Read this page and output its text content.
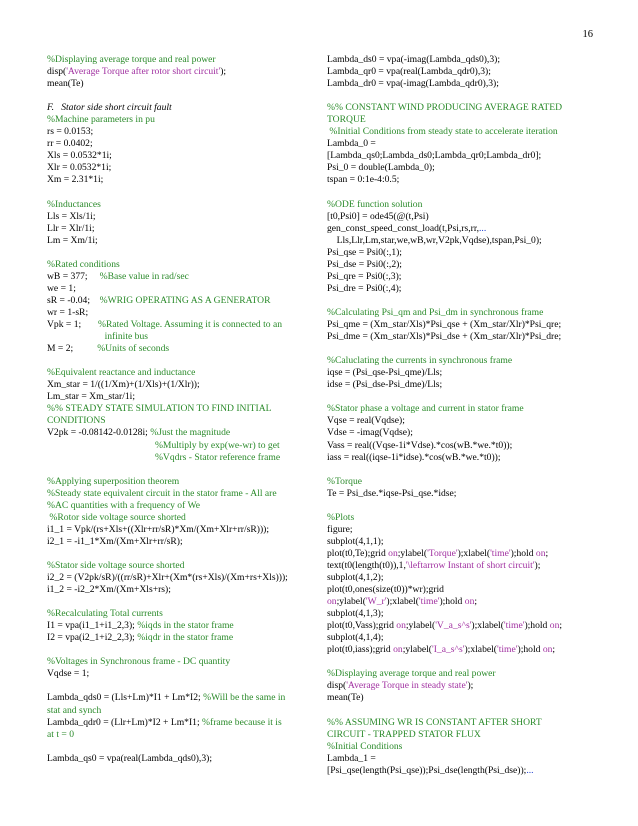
16
%Displaying average torque and real power
disp('Average Torque after rotor short circuit');
mean(Te)
F.   Stator side short circuit fault
%Machine parameters in pu
rs = 0.0153;
rr = 0.0402;
Xls = 0.0532*1i;
Xlr = 0.0532*1i;
Xm = 2.31*1i;
%Inductances
Lls = Xls/1i;
Llr = Xlr/1i;
Lm = Xm/1i;
%Rated conditions
wB = 377;     %Base value in rad/sec
we = 1;
sR = -0.04;    %WRIG OPERATING AS A GENERATOR
wr = 1-sR;
Vpk = 1;       %Rated Voltage. Assuming it is connected to an
infinite bus
M = 2;          %Units of seconds
%Equivalent reactance and inductance
Xm_star = 1/((1/Xm)+(1/Xls)+(1/Xlr));
Lm_star = Xm_star/1i;
%% STEADY STATE SIMULATION TO FIND INITIAL
CONDITIONS
V2pk = -0.08142-0.0128i; %Just the magnitude
%Multiply by exp(we-wr) to get
%Vqdrs - Stator reference frame
%Applying superposition theorem
%Steady state equivalent circuit in the stator frame - All are
%AC quantities with a frequency of We
%Rotor side voltage source shorted
i1_1 = Vpk/(rs+Xls+((Xlr+rr/sR)*Xm/(Xm+Xlr+rr/sR)));
i2_1 = -i1_1*Xm/(Xm+Xlr+rr/sR);
%Stator side voltage source shorted
i2_2 = (V2pk/sR)/((rr/sR)+Xlr+(Xm*(rs+Xls)/(Xm+rs+Xls)));
i1_2 = -i2_2*Xm/(Xm+Xls+rs);
%Recalculating Total currents
I1 = vpa(i1_1+i1_2,3); %iqds in the stator frame
I2 = vpa(i2_1+i2_2,3); %iqdr in the stator frame
%Voltages in Synchronous frame - DC quantity
Vqdse = 1;
Lambda_qds0 = (Lls+Lm)*I1 + Lm*I2; %Will be the same in
stat and synch
Lambda_qdr0 = (Llr+Lm)*I2 + Lm*I1; %frame because it is
at t = 0
Lambda_qs0 = vpa(real(Lambda_qds0),3);
Lambda_ds0 = vpa(-imag(Lambda_qds0),3);
Lambda_qr0 = vpa(real(Lambda_qdr0),3);
Lambda_dr0 = vpa(-imag(Lambda_qdr0),3);
%% CONSTANT WIND PRODUCING AVERAGE RATED
TORQUE
%Initial Conditions from steady state to accelerate iteration
Lambda_0 =
[Lambda_qs0;Lambda_ds0;Lambda_qr0;Lambda_dr0];
Psi_0 = double(Lambda_0);
tspan = 0:1e-4:0.5;
%ODE function solution
[t0,Psi0] = ode45(@(t,Psi)
gen_const_speed_const_load(t,Psi,rs,rr,...
Lls,Llr,Lm,star,we,wB,wr,V2pk,Vqdse),tspan,Psi_0);
Psi_qse = Psi0(:,1);
Psi_dse = Psi0(:,2);
Psi_qre = Psi0(:,3);
Psi_dre = Psi0(:,4);
%Calculating Psi_qm and Psi_dm in synchronous frame
Psi_qme = (Xm_star/Xls)*Psi_qse + (Xm_star/Xlr)*Psi_qre;
Psi_dme = (Xm_star/Xls)*Psi_dse + (Xm_star/Xlr)*Psi_dre;
%Caluclating the currents in synchronous frame
iqse = (Psi_qse-Psi_qme)/Lls;
idse = (Psi_dse-Psi_dme)/Lls;
%Stator phase a voltage and current in stator frame
Vqse = real(Vqdse);
Vdse = -imag(Vqdse);
Vass = real((Vqse-1i*Vdse).*cos(wB.*we.*t0));
iass = real((iqse-1i*idse).*cos(wB.*we.*t0));
%Torque
Te = Psi_dse.*iqse-Psi_qse.*idse;
%Plots
figure;
subplot(4,1,1);
plot(t0,Te);grid on;ylabel('Torque');xlabel('time');hold on;
text(t0(length(t0)),1,'\leftarrow Instant of short circuit');
subplot(4,1,2);
plot(t0,ones(size(t0))*wr);grid
on;ylabel('W_r');xlabel('time');hold on;
subplot(4,1,3);
plot(t0,Vass);grid on;ylabel('V_a_s^s');xlabel('time');hold on;
subplot(4,1,4);
plot(t0,iass);grid on;ylabel('I_a_s^s');xlabel('time');hold on;
%Displaying average torque and real power
disp('Average Torque in steady state');
mean(Te)
%% ASSUMING WR IS CONSTANT AFTER SHORT
CIRCUIT - TRAPPED STATOR FLUX
%Initial Conditions
Lambda_1 =
[Psi_qse(length(Psi_qse));Psi_dse(length(Psi_dse));...
